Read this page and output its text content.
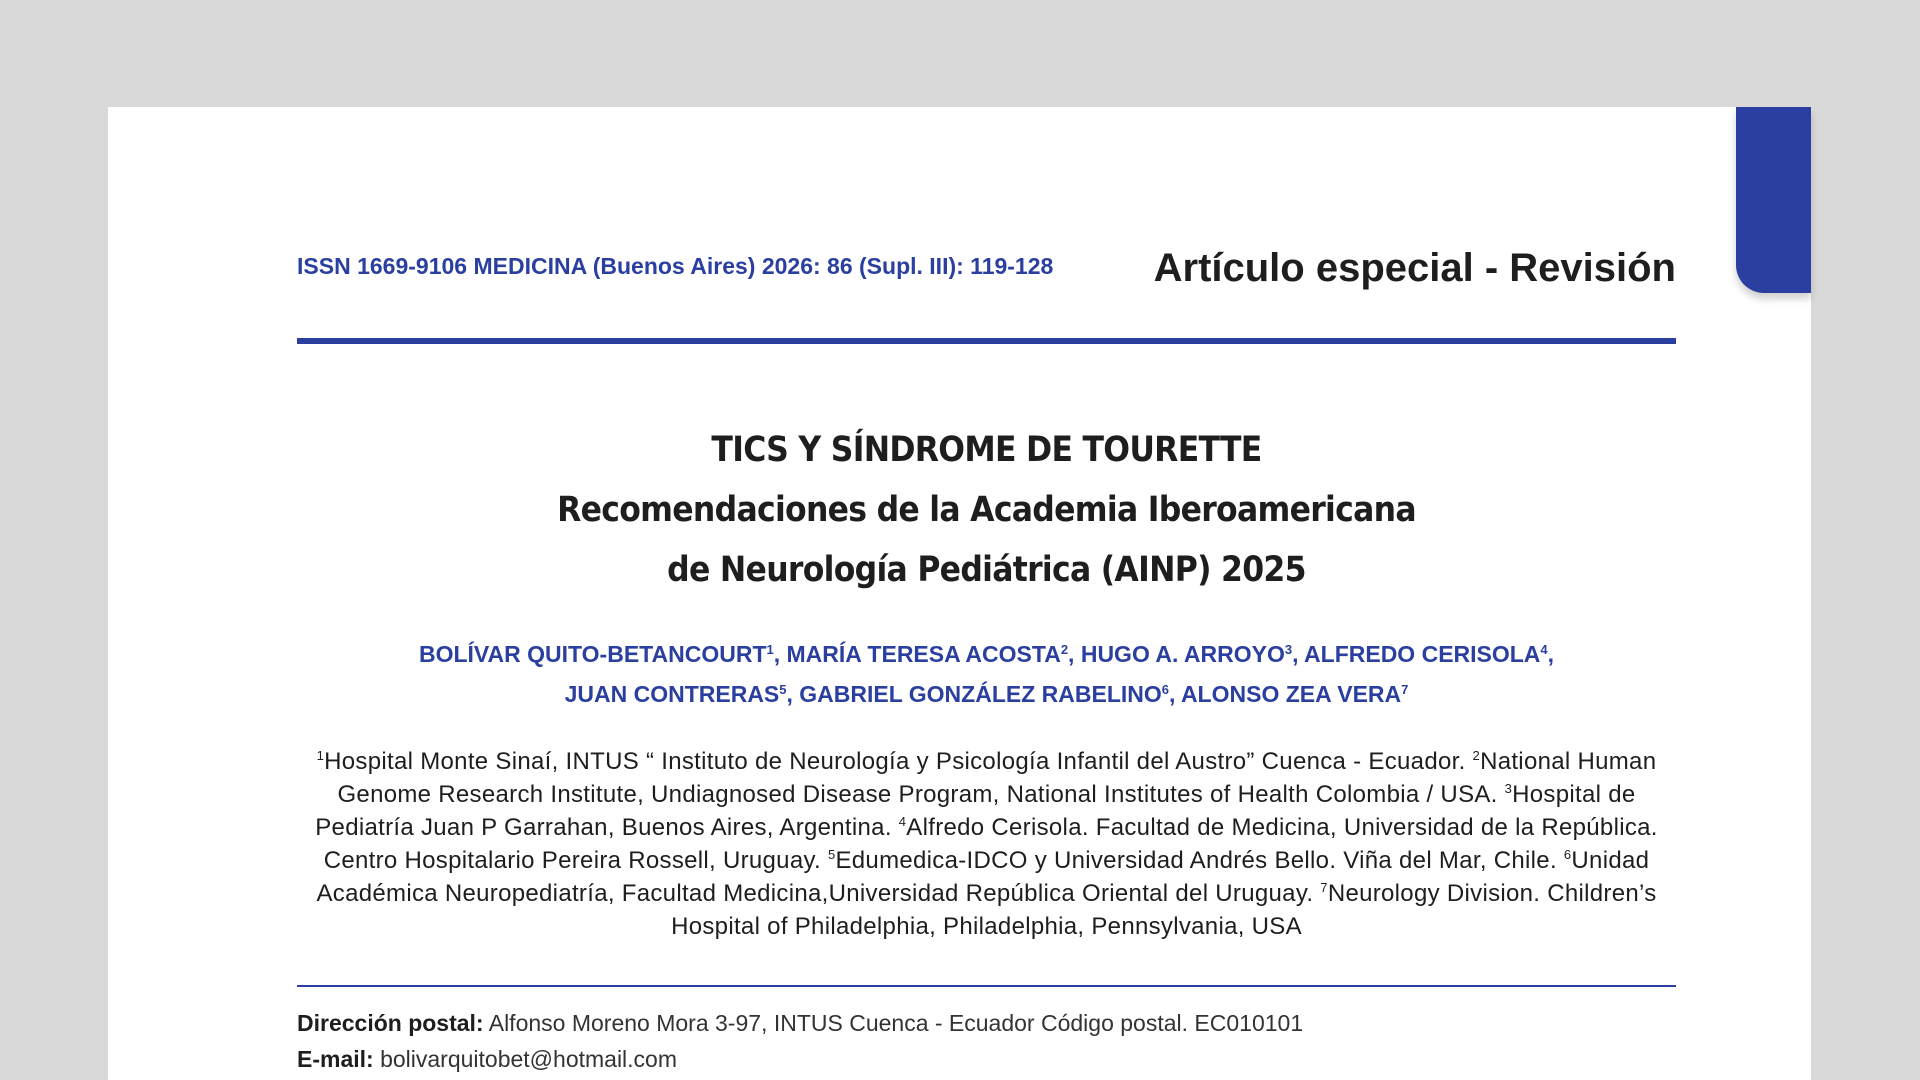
ISSN 1669-9106 MEDICINA (Buenos Aires) 2026: 86 (Supl. III): 119-128	Artículo especial - Revisión
TICS Y SÍNDROME DE TOURETTE
Recomendaciones de la Academia Iberoamericana
de Neurología Pediátrica (AINP) 2025
BOLÍVAR QUITO-BETANCOURT$^1$, MARÍA TERESA ACOSTA$^2$, HUGO A. ARROYO$^3$, ALFREDO CERISOLA$^4$,
JUAN CONTRERAS$^5$, GABRIEL GONZÁLEZ RABELINO$^6$, ALONSO ZEA VERA$^7$
$^1$Hospital Monte Sinaí, INTUS “ Instituto de Neurología y Psicología Infantil del Austro” Cuenca - Ecuador. $^2$National Human Genome Research Institute, Undiagnosed Disease Program, National Institutes of Health Colombia / USA. $^3$Hospital de Pediatría Juan P Garrahan, Buenos Aires, Argentina. $^4$Alfredo Cerisola. Facultad de Medicina, Universidad de la República. Centro Hospitalario Pereira Rossell, Uruguay. $^5$Edumedica-IDCO y Universidad Andrés Bello. Viña del Mar, Chile. $^6$Unidad Académica Neuropediatría, Facultad Medicina,Universidad República Oriental del Uruguay. $^7$Neurology Division. Children’s Hospital of Philadelphia, Philadelphia, Pennsylvania, USA
Dirección postal: Alfonso Moreno Mora 3-97, INTUS Cuenca - Ecuador Código postal. EC010101
E-mail: bolivarquitobet@hotmail.com
